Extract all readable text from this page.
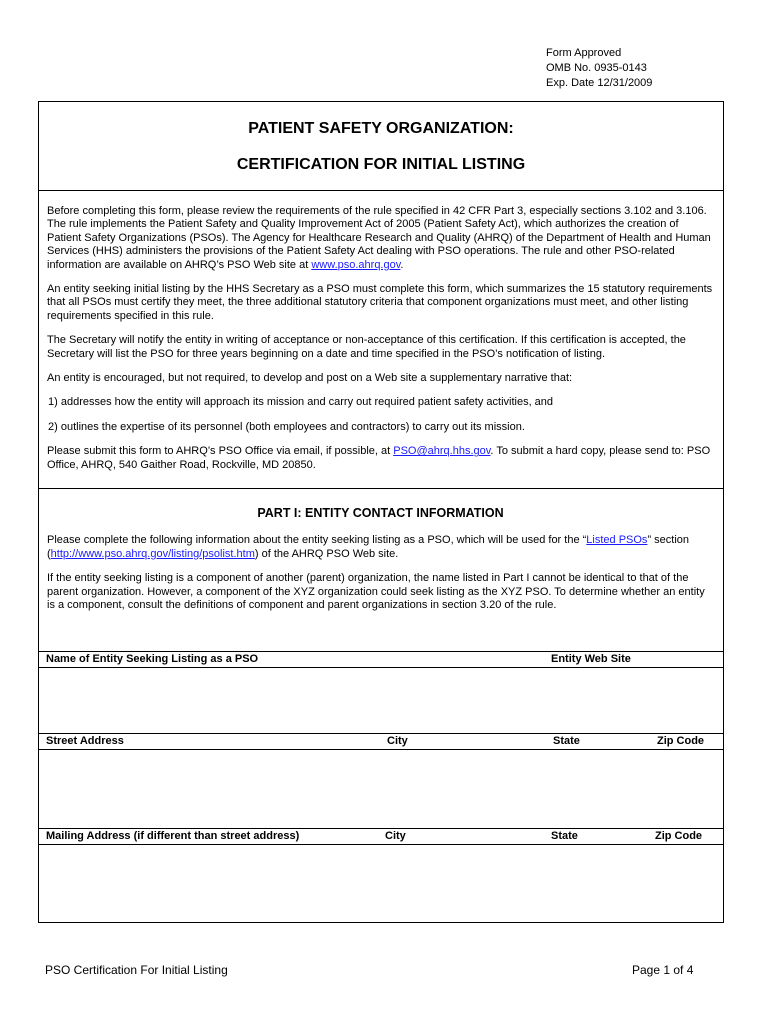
Form Approved
OMB No. 0935-0143
Exp. Date 12/31/2009
PATIENT SAFETY ORGANIZATION:
CERTIFICATION FOR INITIAL LISTING

Before completing this form, please review the requirements of the rule specified in 42 CFR Part 3, especially sections 3.102 and 3.106. The rule implements the Patient Safety and Quality Improvement Act of 2005 (Patient Safety Act), which authorizes the creation of Patient Safety Organizations (PSOs). The Agency for Healthcare Research and Quality (AHRQ) of the Department of Health and Human Services (HHS) administers the provisions of the Patient Safety Act dealing with PSO operations. The rule and other PSO-related information are available on AHRQ’s PSO Web site at www.pso.ahrq.gov.

An entity seeking initial listing by the HHS Secretary as a PSO must complete this form, which summarizes the 15 statutory requirements that all PSOs must certify they meet, the three additional statutory criteria that component organizations must meet, and other listing requirements specified in this rule.

The Secretary will notify the entity in writing of acceptance or non-acceptance of this certification. If this certification is accepted, the Secretary will list the PSO for three years beginning on a date and time specified in the PSO’s notification of listing.

An entity is encouraged, but not required, to develop and post on a Web site a supplementary narrative that:

1) addresses how the entity will approach its mission and carry out required patient safety activities, and

2) outlines the expertise of its personnel (both employees and contractors) to carry out its mission.

Please submit this form to AHRQ’s PSO Office via email, if possible, at PSO@ahrq.hhs.gov. To submit a hard copy, please send to: PSO Office, AHRQ, 540 Gaither Road, Rockville, MD 20850.

PART I: ENTITY CONTACT INFORMATION

Please complete the following information about the entity seeking listing as a PSO, which will be used for the “Listed PSOs” section (http://www.pso.ahrq.gov/listing/psolist.htm) of the AHRQ PSO Web site.

If the entity seeking listing is a component of another (parent) organization, the name listed in Part I cannot be identical to that of the parent organization. However, a component of the XYZ organization could seek listing as the XYZ PSO. To determine whether an entity is a component, consult the definitions of component and parent organizations in section 3.20 of the rule.

Name of Entity Seeking Listing as a PSO	Entity Web Site
Street Address	City	State	Zip Code
Mailing Address (if different than street address)	City	State	Zip Code
PSO Certification For Initial Listing	Page 1 of 4
